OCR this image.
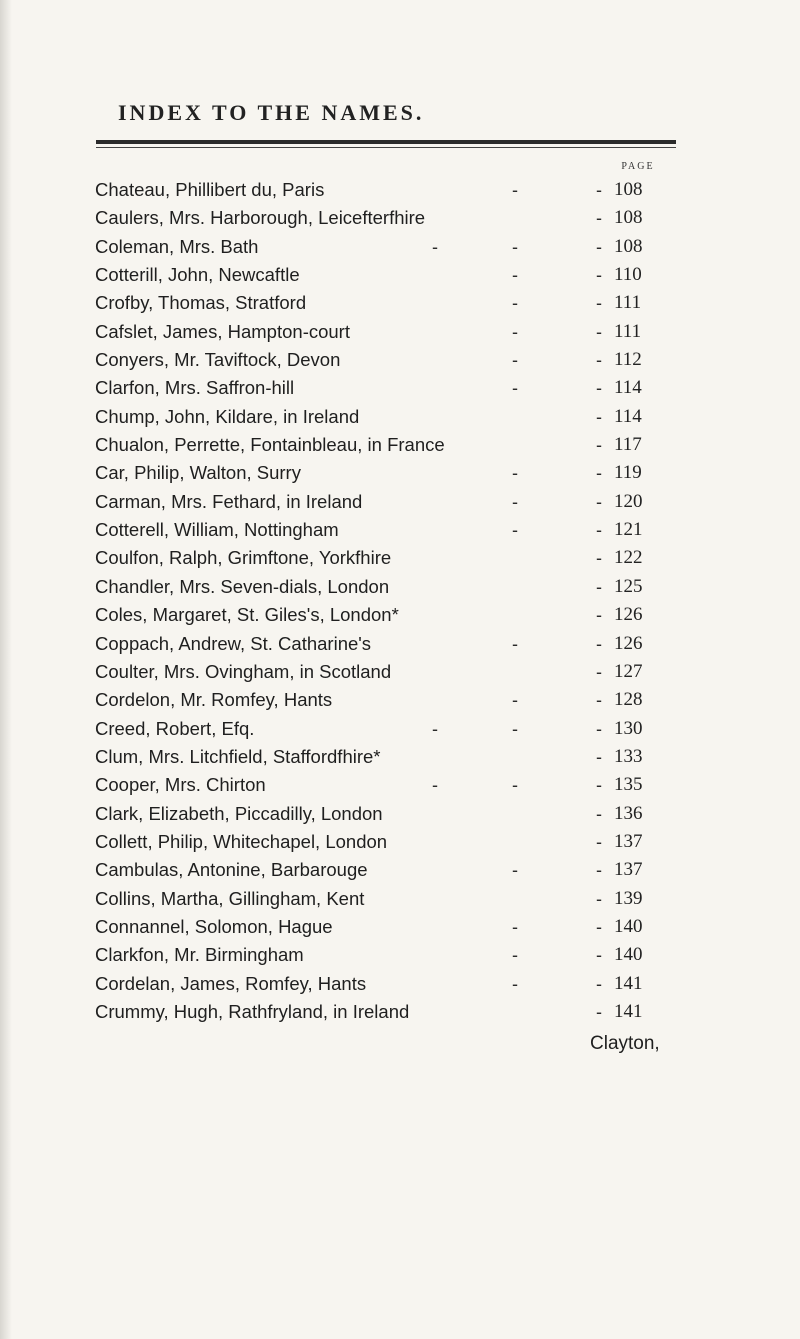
INDEX TO THE NAMES.
PAGE
Chateau, Phillibert du, Paris	-	- 108
Caulers, Mrs. Harborough, Leicefterfhire	- 108
Coleman, Mrs. Bath	-	-	- 108
Cotterill, John, Newcaftle	-	- 110
Crofby, Thomas, Stratford	-	- 111
Cafslet, James, Hampton-court	-	- 111
Conyers, Mr. Taviftock, Devon	-	- 112
Clarfon, Mrs. Saffron-hill	-	- 114
Chump, John, Kildare, in Ireland	- 114
Chualon, Perrette, Fontainbleau, in France	- 117
Car, Philip, Walton, Surry	-	- 119
Carman, Mrs. Fethard, in Ireland	-	- 120
Cotterell, William, Nottingham	-	- 121
Coulfon, Ralph, Grimftone, Yorkfhire	- 122
Chandler, Mrs. Seven-dials, London	- 125
Coles, Margaret, St. Giles's, London*	- 126
Coppach, Andrew, St. Catharine's	-	- 126
Coulter, Mrs. Ovingham, in Scotland	- 127
Cordelon, Mr. Romfey, Hants	-	- 128
Creed, Robert, Efq.	-	-	- 130
Clum, Mrs. Litchfield, Staffordfhire*	- 133
Cooper, Mrs. Chirton	-	-	- 135
Clark, Elizabeth, Piccadilly, London	- 136
Collett, Philip, Whitechapel, London	- 137
Cambulas, Antonine, Barbarouge	-	- 137
Collins, Martha, Gillingham, Kent	- 139
Connannel, Solomon, Hague	-	- 140
Clarkfon, Mr. Birmingham	-	- 140
Cordelan, James, Romfey, Hants	-	- 141
Crummy, Hugh, Rathfryland, in Ireland	- 141
Clayton,
